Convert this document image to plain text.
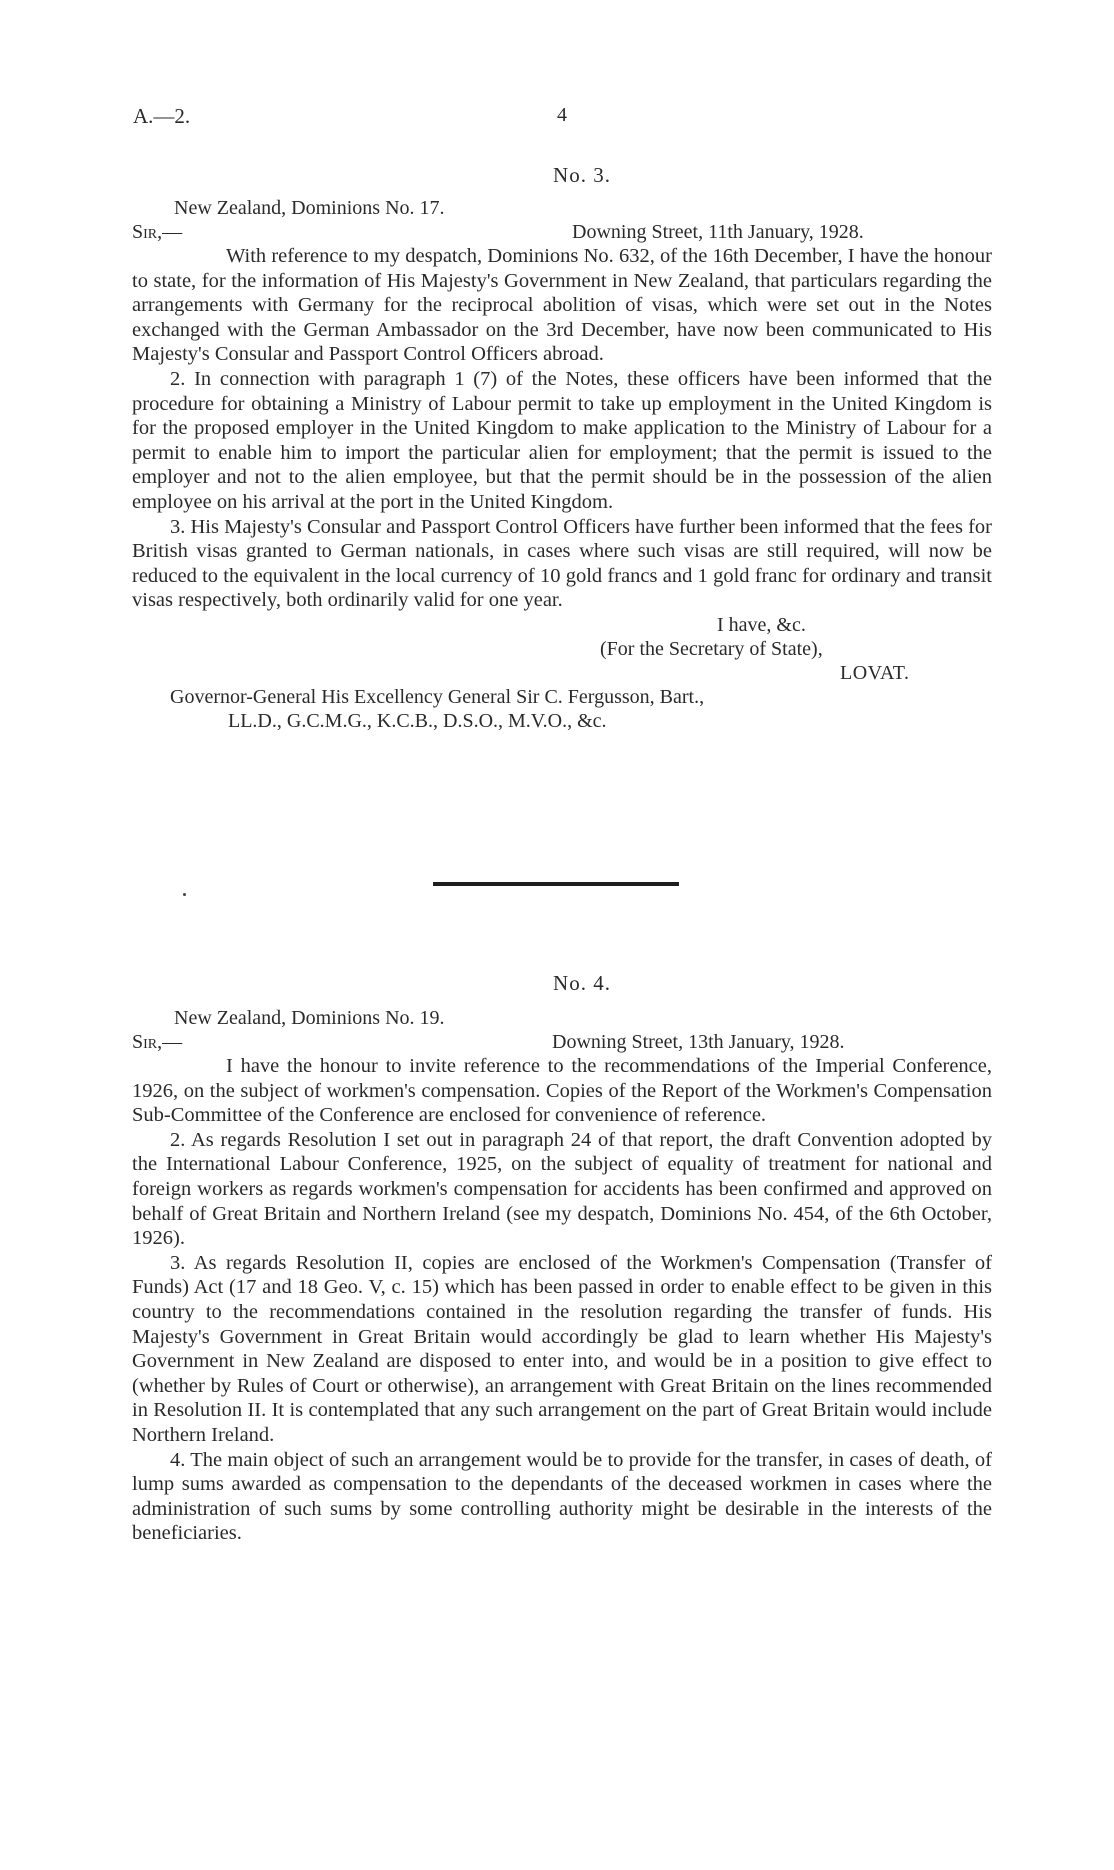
A.—2.	4
No. 3.
New Zealand, Dominions No. 17.
Sir,—	Downing Street, 11th January, 1928.

With reference to my despatch, Dominions No. 632, of the 16th December, I have the honour to state, for the information of His Majesty's Government in New Zealand, that particulars regarding the arrangements with Germany for the reciprocal abolition of visas, which were set out in the Notes exchanged with the German Ambassador on the 3rd December, have now been communicated to His Majesty's Consular and Passport Control Officers abroad.

2. In connection with paragraph 1 (7) of the Notes, these officers have been informed that the procedure for obtaining a Ministry of Labour permit to take up employment in the United Kingdom is for the proposed employer in the United Kingdom to make application to the Ministry of Labour for a permit to enable him to import the particular alien for employment; that the permit is issued to the employer and not to the alien employee, but that the permit should be in the possession of the alien employee on his arrival at the port in the United Kingdom.

3. His Majesty's Consular and Passport Control Officers have further been informed that the fees for British visas granted to German nationals, in cases where such visas are still required, will now be reduced to the equivalent in the local currency of 10 gold francs and 1 gold franc for ordinary and transit visas respectively, both ordinarily valid for one year.

I have, &c.

(For the Secretary of State),

LOVAT.

Governor-General His Excellency General Sir C. Fergusson, Bart.,

LL.D., G.C.M.G., K.C.B., D.S.O., M.V.O., &c.

No. 4.
New Zealand, Dominions No. 19.
Sir,—	Downing Street, 13th January, 1928.

I have the honour to invite reference to the recommendations of the Imperial Conference, 1926, on the subject of workmen's compensation. Copies of the Report of the Workmen's Compensation Sub-Committee of the Conference are enclosed for convenience of reference.

2. As regards Resolution I set out in paragraph 24 of that report, the draft Convention adopted by the International Labour Conference, 1925, on the subject of equality of treatment for national and foreign workers as regards workmen's compensation for accidents has been confirmed and approved on behalf of Great Britain and Northern Ireland (see my despatch, Dominions No. 454, of the 6th October, 1926).

3. As regards Resolution II, copies are enclosed of the Workmen's Compensation (Transfer of Funds) Act (17 and 18 Geo. V, c. 15) which has been passed in order to enable effect to be given in this country to the recommendations contained in the resolution regarding the transfer of funds. His Majesty's Government in Great Britain would accordingly be glad to learn whether His Majesty's Government in New Zealand are disposed to enter into, and would be in a position to give effect to (whether by Rules of Court or otherwise), an arrangement with Great Britain on the lines recommended in Resolution II. It is contemplated that any such arrangement on the part of Great Britain would include Northern Ireland.

4. The main object of such an arrangement would be to provide for the transfer, in cases of death, of lump sums awarded as compensation to the dependants of the deceased workmen in cases where the administration of such sums by some controlling authority might be desirable in the interests of the beneficiaries.
